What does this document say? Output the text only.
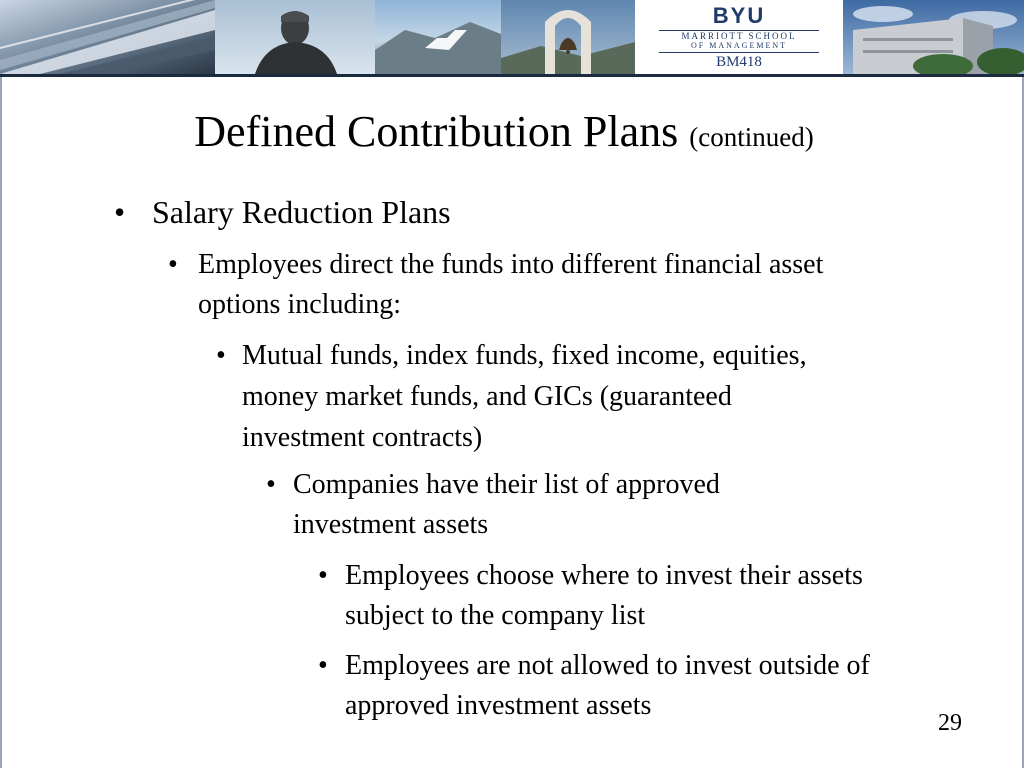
BYU
MARRIOTT SCHOOL
OF MANAGEMENT
BM418
Defined Contribution Plans (continued)
• Salary Reduction Plans
• Employees direct the funds into different financial asset options including:
• Mutual funds, index funds, fixed income, equities, money market funds, and GICs (guaranteed investment contracts)
• Companies have their list of approved investment assets
• Employees choose where to invest their assets subject to the company list
• Employees are not allowed to invest outside of approved investment assets
29
